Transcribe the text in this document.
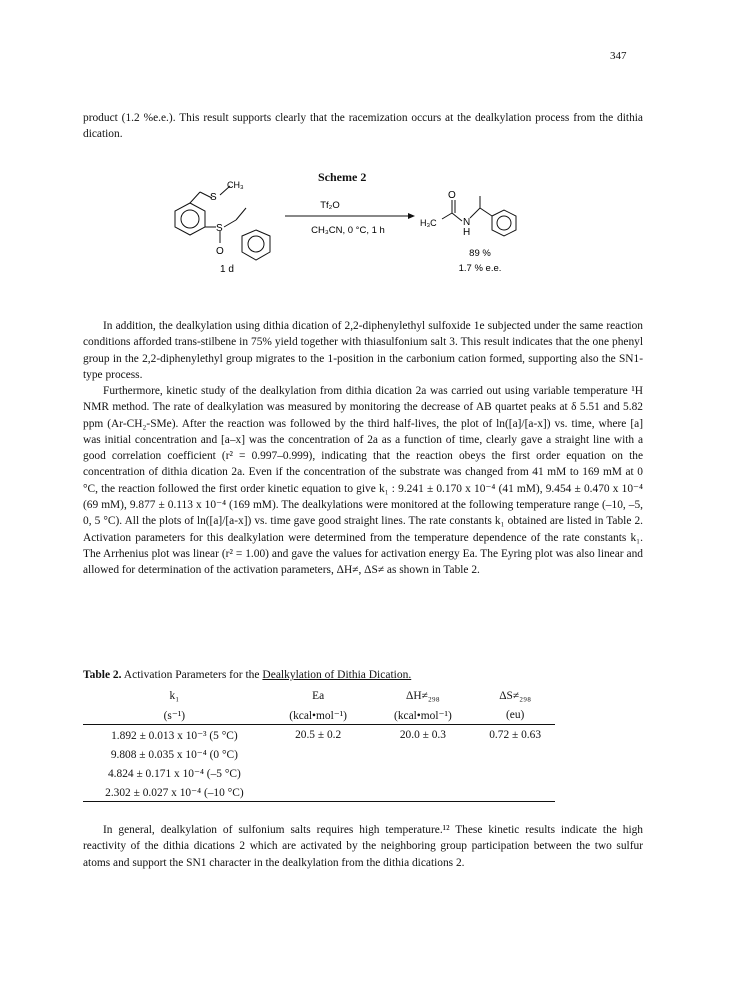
347

product (1.2 %e.e.). This result supports clearly that the racemization occurs at the dealkylation process from the dithia dication.

Scheme 2
S
CH₃
S
O
1 d
Tf₂O
CH₃CN, 0 °C, 1 h
O
H₃C	N
H
89 %
1.7 % e.e.

In addition, the dealkylation using dithia dication of 2,2-diphenylethyl sulfoxide 1e subjected under the same reaction conditions afforded trans-stilbene in 75% yield together with thiasulfonium salt 3. This result indicates that the one phenyl group in the 2,2-diphenylethyl group migrates to the 1-position in the carbonium cation formed, supporting also the SN1-type process.

Furthermore, kinetic study of the dealkylation from dithia dication 2a was carried out using variable temperature ¹H NMR method. The rate of dealkylation was measured by monitoring the decrease of AB quartet peaks at δ 5.51 and 5.82 ppm (Ar-CH₂-SMe). After the reaction was followed by the third half-lives, the plot of ln([a]/[a-x]) vs. time, where [a] was initial concentration and [a–x] was the concentration of 2a as a function of time, clearly gave a straight line with a good correlation coefficient (r² = 0.997–0.999), indicating that the reaction obeys the first order equation on the concentration of dithia dication 2a. Even if the concentration of the substrate was changed from 41 mM to 169 mM at 0 °C, the reaction followed the first order kinetic equation to give k₁ : 9.241 ± 0.170 x 10⁻⁴ (41 mM), 9.454 ± 0.470 x 10⁻⁴ (69 mM), 9.877 ± 0.113 x 10⁻⁴ (169 mM). The dealkylations were monitored at the following temperature range (–10, –5, 0, 5 °C). All the plots of ln([a]/[a-x]) vs. time gave good straight lines. The rate constants k₁ obtained are listed in Table 2. Activation parameters for this dealkylation were determined from the temperature dependence of the rate constants k₁. The Arrhenius plot was linear (r² = 1.00) and gave the values for activation energy Ea. The Eyring plot was also linear and allowed for determination of the activation parameters, ΔH≠, ΔS≠ as shown in Table 2.

Table 2. Activation Parameters for the Dealkylation of Dithia Dication.
k₁	Ea	ΔH≠₂₉₈	ΔS≠₂₉₈
(s⁻¹)	(kcal•mol⁻¹)	(kcal•mol⁻¹)	(eu)
1.892 ± 0.013 x 10⁻³ (5 °C)	20.5 ± 0.2	20.0 ± 0.3	0.72 ± 0.63
9.808 ± 0.035 x 10⁻⁴ (0 °C)			
4.824 ± 0.171 x 10⁻⁴ (–5 °C)			
2.302 ± 0.027 x 10⁻⁴ (–10 °C)			

In general, dealkylation of sulfonium salts requires high temperature.¹² These kinetic results indicate the high reactivity of the dithia dications 2 which are activated by the neighboring group participation between the two sulfur atoms and support the SN1 character in the dealkylation from the dithia dications 2.
